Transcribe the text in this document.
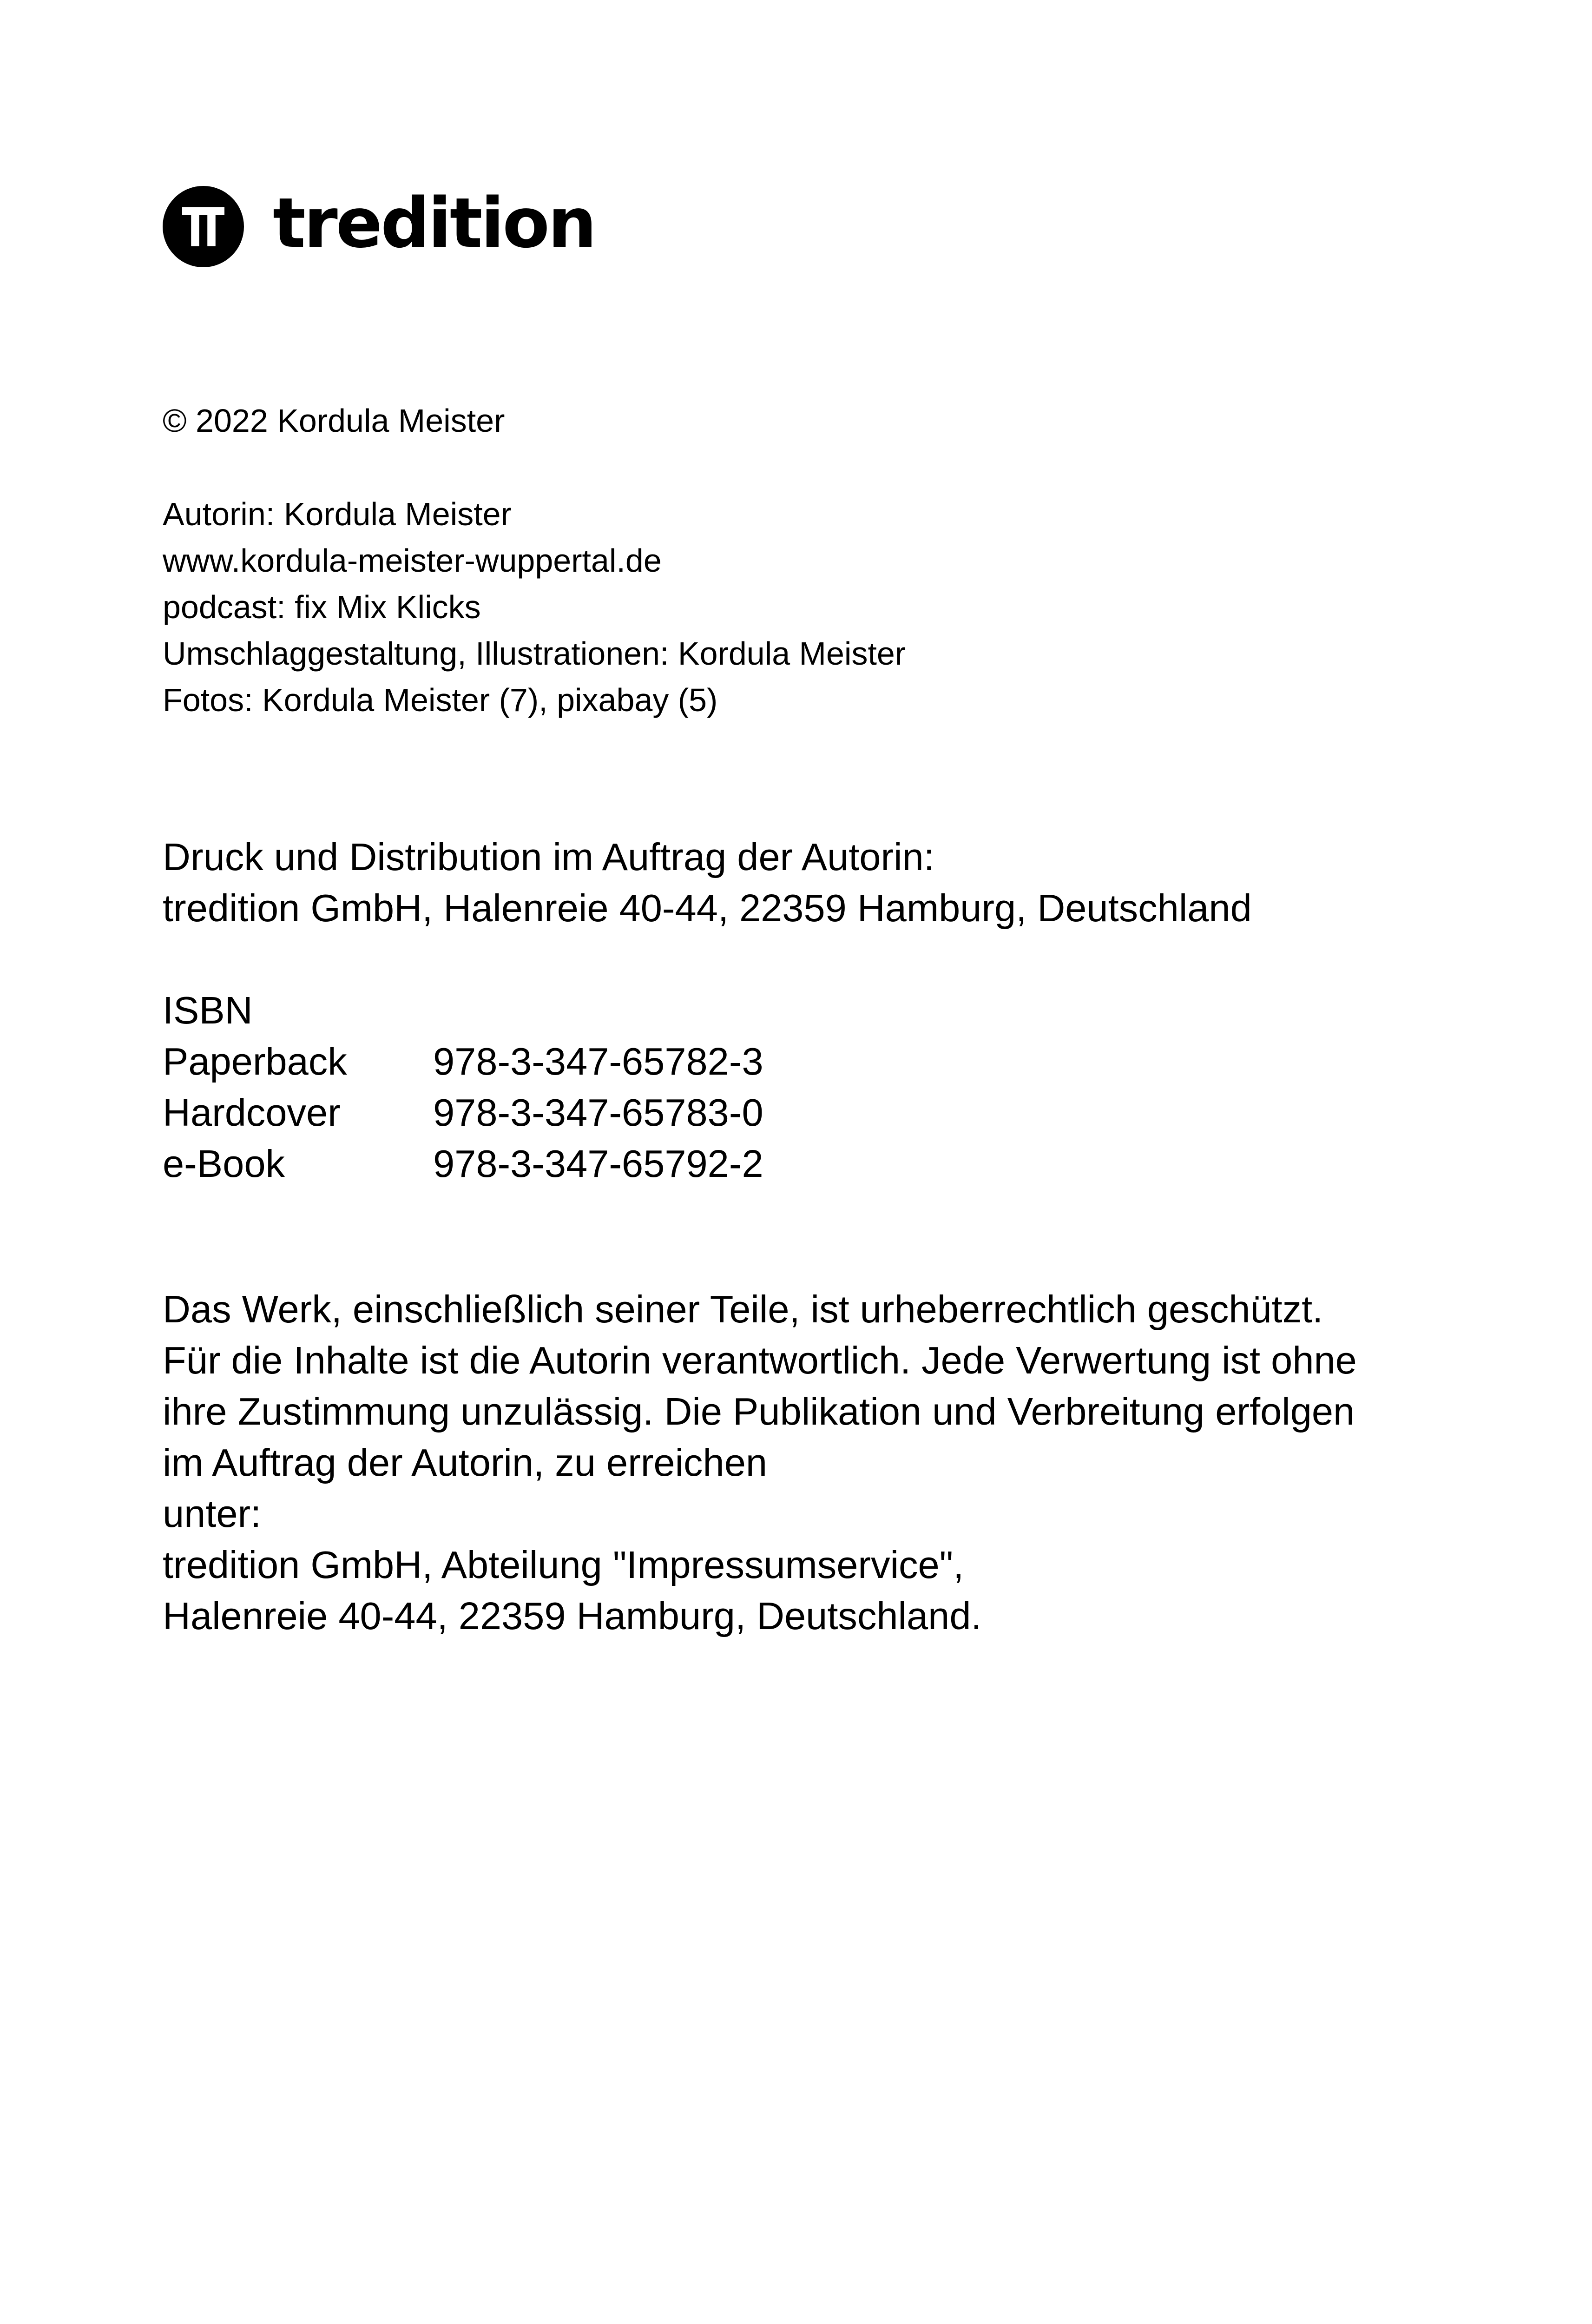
tredition
© 2022 Kordula Meister
Autorin: Kordula Meister
www.kordula-meister-wuppertal.de
podcast: fix Mix Klicks
Umschlaggestaltung, Illustrationen: Kordula Meister
Fotos: Kordula Meister (7), pixabay (5)
Druck und Distribution im Auftrag der Autorin:
tredition GmbH, Halenreie 40-44, 22359 Hamburg, Deutschland
ISBN
Paperback 978-3-347-65782-3
Hardcover 978-3-347-65783-0
e-Book	978-3-347-65792-2
Das Werk, einschließlich seiner Teile, ist urheberrechtlich geschützt.
Für die Inhalte ist die Autorin verantwortlich. Jede Verwertung ist ohne
ihre Zustimmung unzulässig. Die Publikation und Verbreitung erfolgen
im Auftrag der Autorin, zu erreichen
unter:
tredition GmbH, Abteilung "Impressumservice",
Halenreie 40-44, 22359 Hamburg, Deutschland.
